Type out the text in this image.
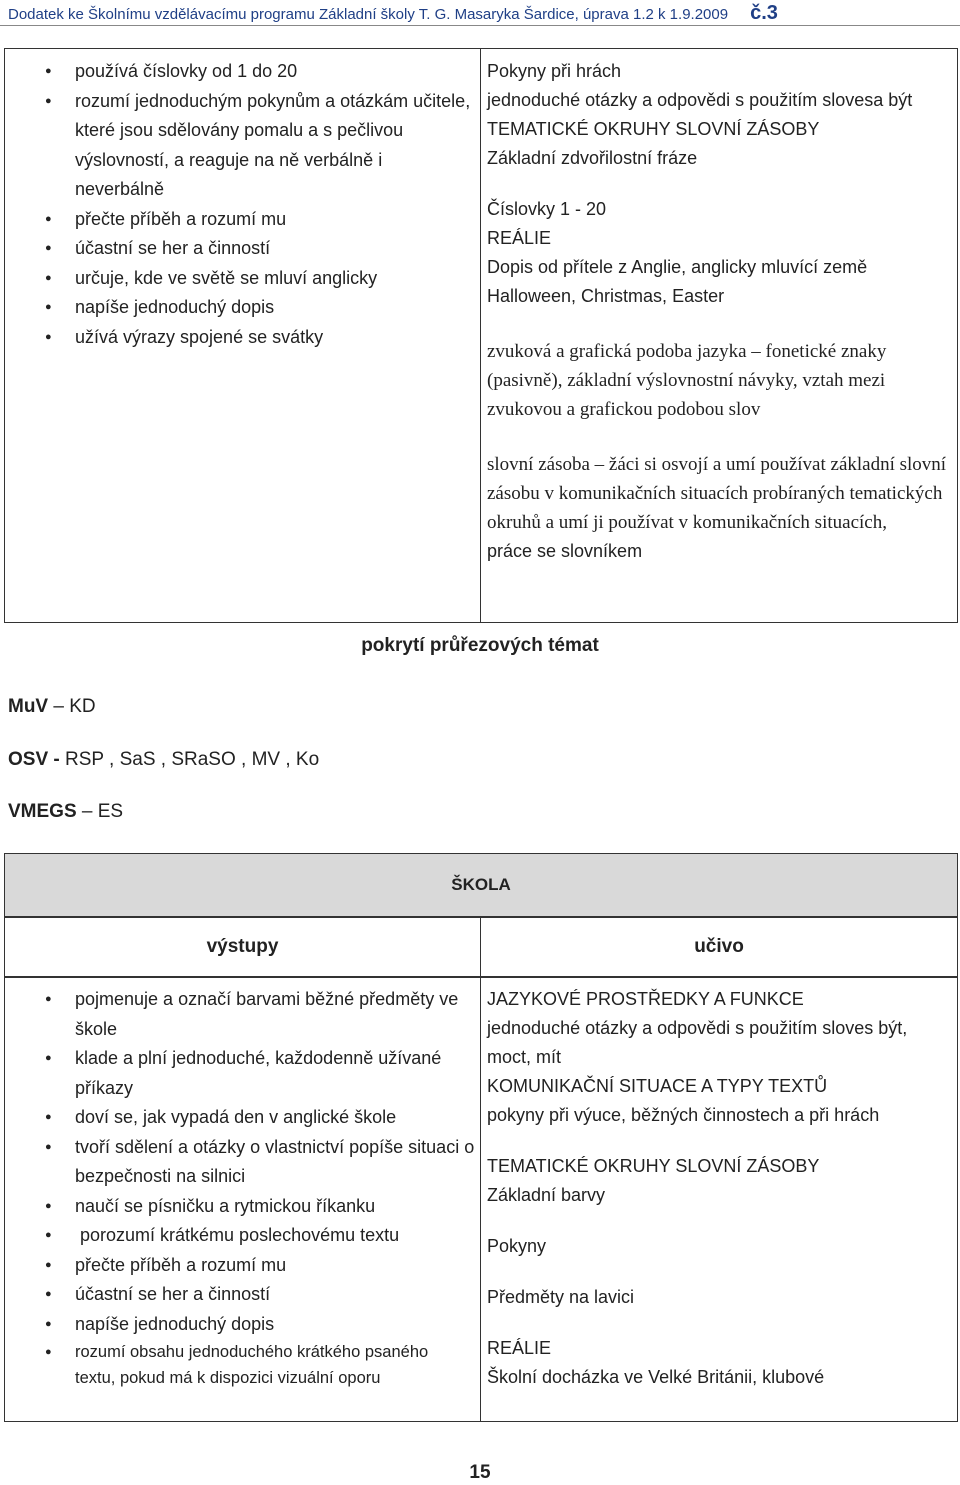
Dodatek ke Školnímu vzdělávacímu programu Základní školy T. G. Masaryka Šardice, úprava 1.2 k 1.9.2009 č.3
● používá číslovky od 1 do 20
● rozumí jednoduchým pokynům a otázkám učitele, které jsou sdělovány pomalu a s pečlivou výslovností, a reaguje na ně verbálně i neverbálně
● přečte příběh a rozumí mu
● účastní se her a činností
● určuje, kde ve světě se mluví anglicky
● napíše jednoduchý dopis
● užívá výrazy spojené se svátky

Pokyny při hrách
jednoduché otázky a odpovědi s použitím slovesa být
TEMATICKÉ OKRUHY SLOVNÍ ZÁSOBY
Základní zdvořilostní fráze
Číslovky 1 - 20
REÁLIE
Dopis od přítele z Anglie, anglicky mluvící země
Halloween, Christmas, Easter
zvuková a grafická podoba jazyka – fonetické znaky (pasivně), základní výslovnostní návyky, vztah mezi zvukovou a grafickou podobou slov
slovní zásoba – žáci si osvojí a umí používat základní slovní zásobu v komunikačních situacích probíraných tematických okruhů a umí ji používat v komunikačních situacích,
práce se slovníkem
pokrytí průřezových témat
MuV – KD
OSV - RSP , SaS , SRaSO , MV , Ko
VMEGS – ES
ŠKOLA
výstupy	učivo
● pojmenuje a označí barvami běžné předměty ve škole
● klade a plní jednoduché, každodenně užívané příkazy
● doví se, jak vypadá den v anglické škole
● tvoří sdělení a otázky o vlastnictví popíše situaci o bezpečnosti na silnici
● naučí se písničku a rytmickou říkanku
●  porozumí krátkému poslechovému textu
● přečte příběh a rozumí mu
● účastní se her a činností
● napíše jednoduchý dopis
● rozumí obsahu jednoduchého krátkého psaného textu, pokud má k dispozici vizuální oporu

JAZYKOVÉ PROSTŘEDKY A FUNKCE
jednoduché otázky a odpovědi s použitím sloves být, moct, mít
KOMUNIKAČNÍ SITUACE A TYPY TEXTŮ
pokyny při výuce, běžných činnostech a při hrách
TEMATICKÉ OKRUHY SLOVNÍ ZÁSOBY
Základní barvy
Pokyny
Předměty na lavici
REÁLIE
Školní docházka ve Velké Británii, klubové
15
